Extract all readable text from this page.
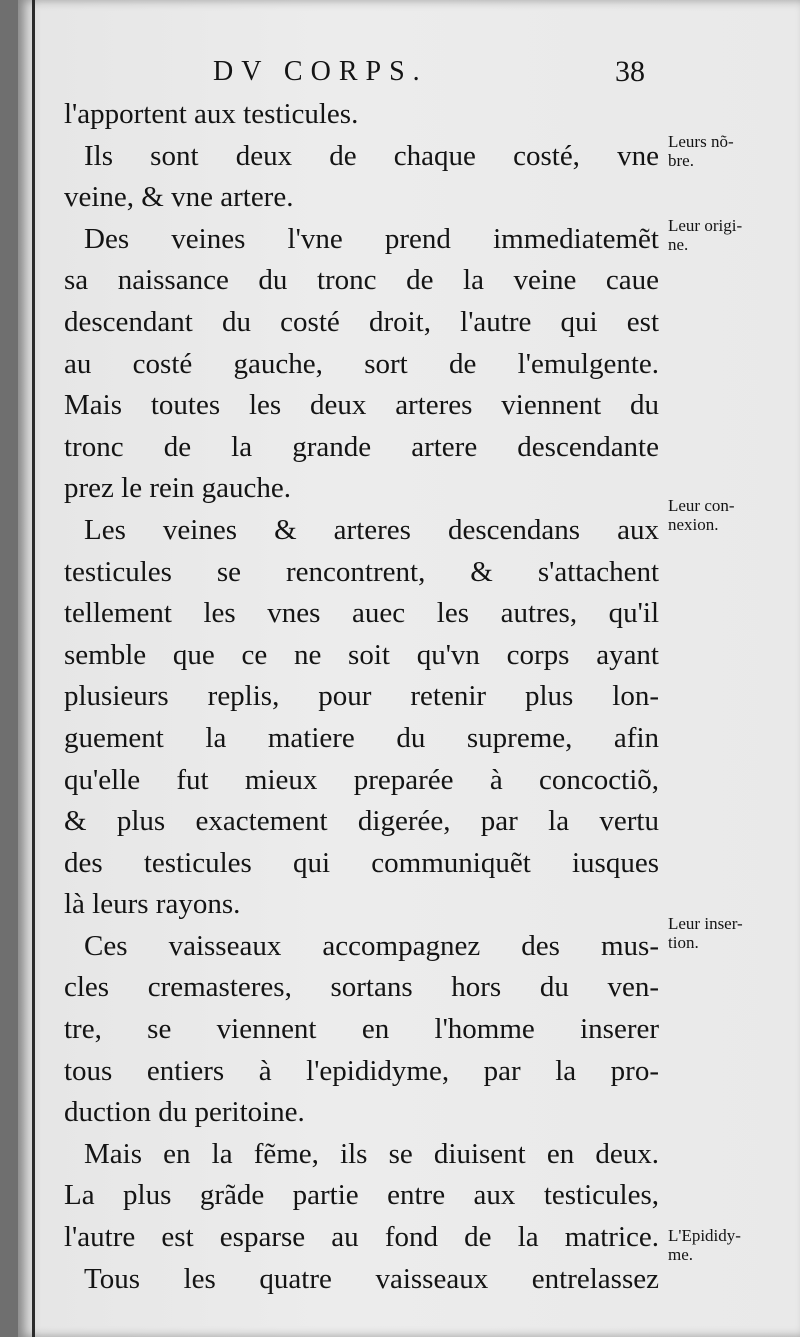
DV CORPS.	38
l'apportent aux testicules.
Ils sont deux de chaque costé, vne
veine, & vne artere.
Des veines l'vne prend immediatemẽt
sa naissance du tronc de la veine caue
descendant du costé droit, l'autre qui est
au costé gauche, sort de l'emulgente.
Mais toutes les deux arteres viennent du
tronc de la grande artere descendante
prez le rein gauche.
Les veines & arteres descendans aux
testicules se rencontrent, & s'attachent
tellement les vnes auec les autres, qu'il
semble que ce ne soit qu'vn corps ayant
plusieurs replis, pour retenir plus lon-
guement la matiere du supreme, afin
qu'elle fut mieux preparée à concoctiõ,
& plus exactement digerée, par la vertu
des testicules qui communiquẽt iusques
là leurs rayons.
Ces vaisseaux accompagnez des mus-
cles cremasteres, sortans hors du ven-
tre, se viennent en l'homme inserer
tous entiers à l'epididyme, par la pro-
duction du peritoine.
Mais en la fẽme, ils se diuisent en deux.
La plus grãde partie entre aux testicules,
l'autre est esparse au fond de la matrice.
Tous les quatre vaisseaux entrelassez
Leurs nõ-
bre.
Leur origi-
ne.
Leur con-
nexion.
Leur inser-
tion.
L'Epididy-
me.
